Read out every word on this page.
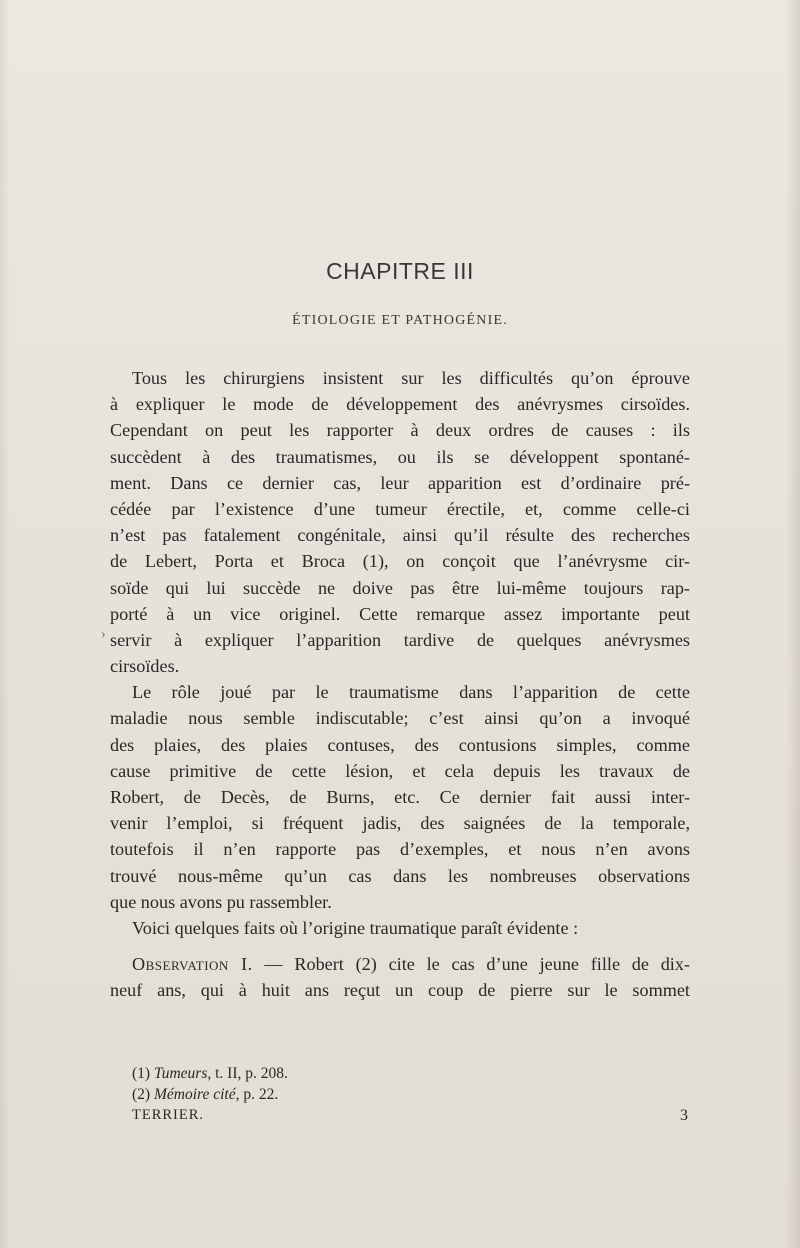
CHAPITRE III
ÉTIOLOGIE ET PATHOGÉNIE.
Tous les chirurgiens insistent sur les difficultés qu’on éprouve
à expliquer le mode de développement des anévrysmes cirsoïdes.
Cependant on peut les rapporter à deux ordres de causes : ils
succèdent à des traumatismes, ou ils se développent spontané-
ment. Dans ce dernier cas, leur apparition est d’ordinaire pré-
cédée par l’existence d’une tumeur érectile, et, comme celle-ci
n’est pas fatalement congénitale, ainsi qu’il résulte des recherches
de Lebert, Porta et Broca (1), on conçoit que l’anévrysme cir-
soïde qui lui succède ne doive pas être lui-même toujours rap-
porté à un vice originel. Cette remarque assez importante peut
servir à expliquer l’apparition tardive de quelques anévrysmes
cirsoïdes.
Le rôle joué par le traumatisme dans l’apparition de cette
maladie nous semble indiscutable; c’est ainsi qu’on a invoqué
des plaies, des plaies contuses, des contusions simples, comme
cause primitive de cette lésion, et cela depuis les travaux de
Robert, de Decès, de Burns, etc. Ce dernier fait aussi inter-
venir l’emploi, si fréquent jadis, des saignées de la temporale,
toutefois il n’en rapporte pas d’exemples, et nous n’en avons
trouvé nous-même qu’un cas dans les nombreuses observations
que nous avons pu rassembler.
Voici quelques faits où l’origine traumatique paraît évidente :
Observation I. — Robert (2) cite le cas d’une jeune fille de dix-
neuf ans, qui à huit ans reçut un coup de pierre sur le sommet
›
(1) Tumeurs, t. II, p. 208.
(2) Mémoire cité, p. 22.
TERRIER.	3
